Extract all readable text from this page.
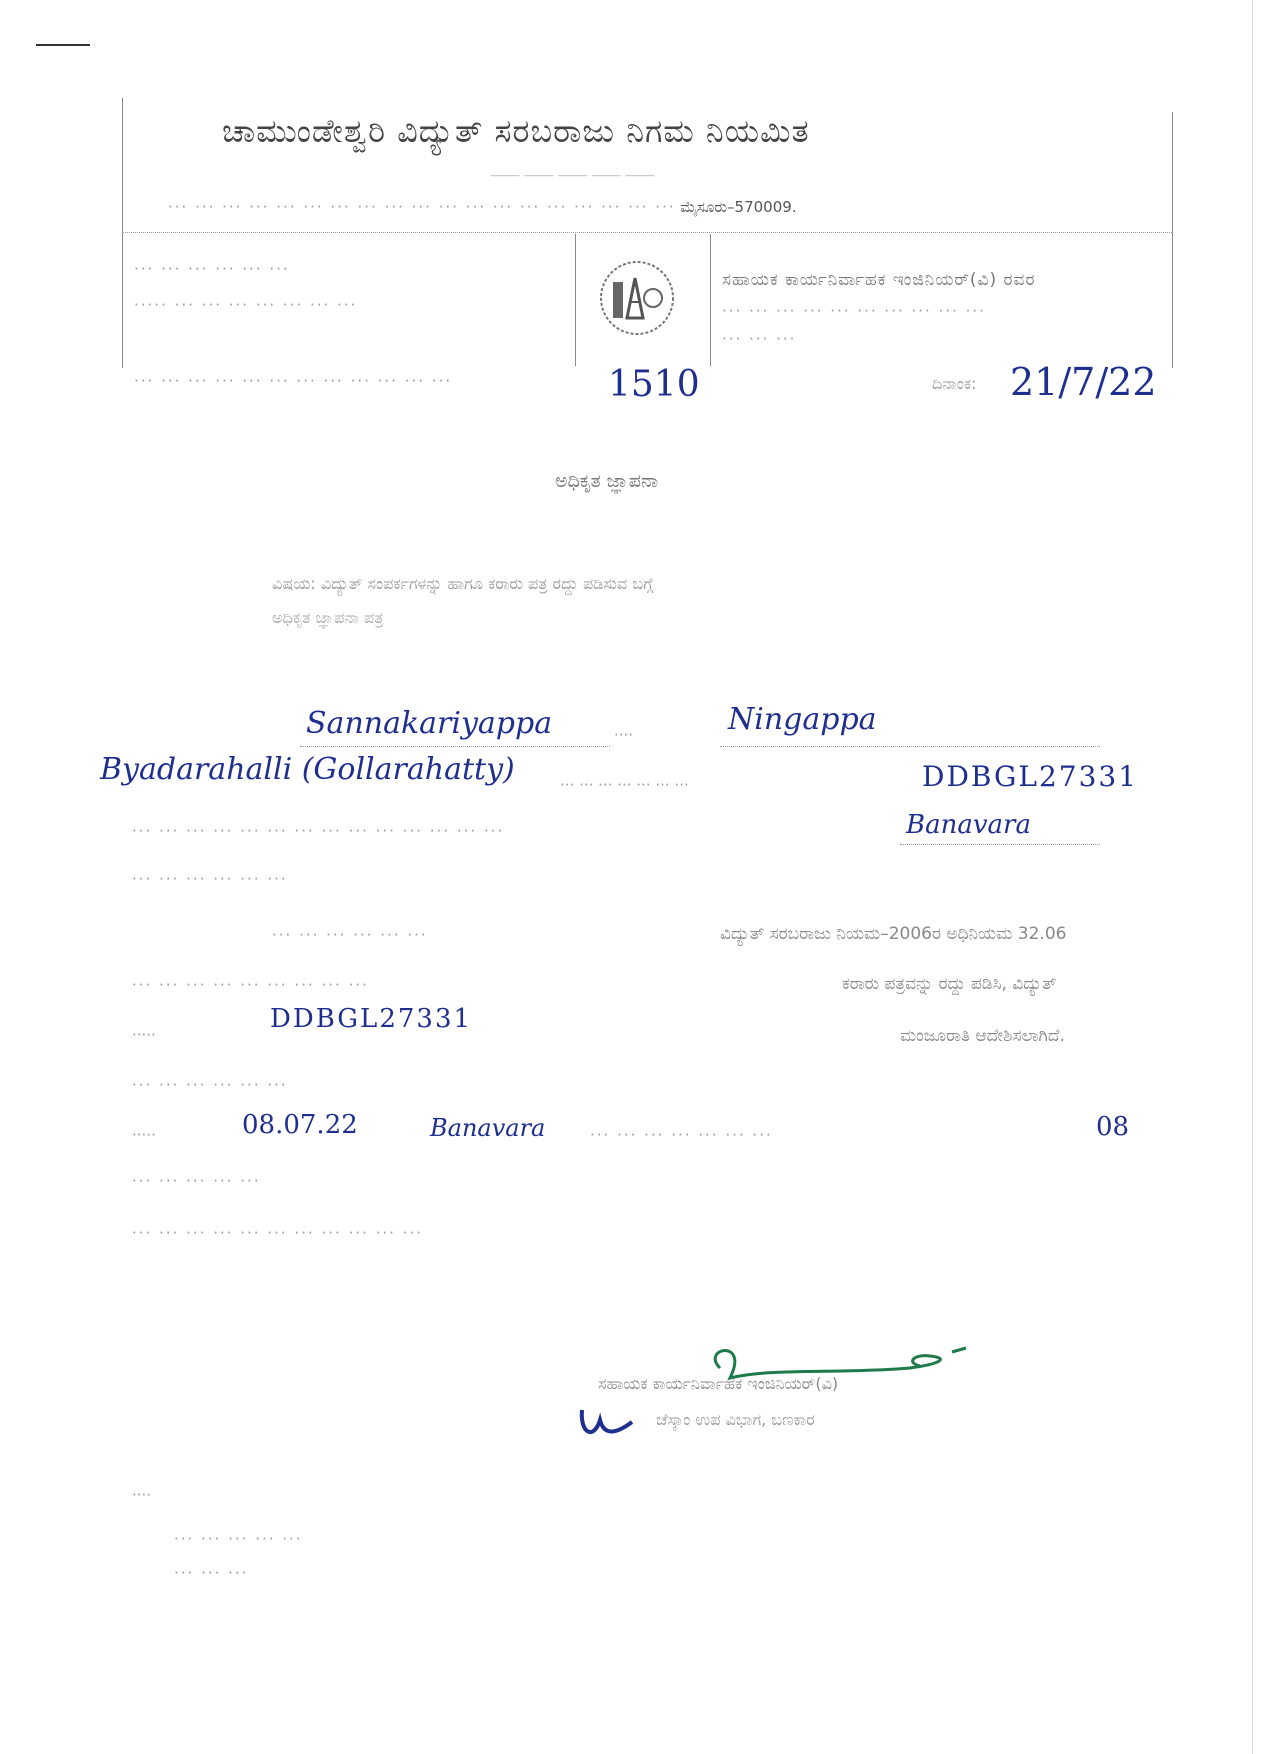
ಚಾಮುಂಡೇಶ್ವರಿ ವಿದ್ಯುತ್ ಸರಬರಾಜು ನಿಗಮ ನಿಯಮಿತ
⸻ ⸻ ⸻ ⸻ ⸻
··· ··· ··· ··· ··· ··· ··· ··· ··· ··· ··· ··· ··· ··· ··· ··· ··· ··· ··· ಮೈಸೂರು–570009.
··· ··· ··· ··· ··· ···
····· ··· ··· ··· ··· ··· ··· ···
ಸಹಾಯಕ ಕಾರ್ಯನಿರ್ವಾಹಕ ಇಂಜಿನಿಯರ್(ವಿ) ರವರ
··· ··· ··· ··· ··· ··· ··· ··· ··· ···
··· ··· ···
··· ··· ··· ··· ··· ··· ··· ··· ··· ··· ··· ···	1510	ದಿನಾಂಕ: 21/7/22
ಅಧಿಕೃತ ಜ್ಞಾಪನಾ
ವಿಷಯ: ವಿದ್ಯುತ್ ಸಂಪರ್ಕಗಳನ್ನು ಹಾಗೂ ಕರಾರು ಪತ್ರ ರದ್ದು ಪಡಿಸುವ ಬಗ್ಗೆ
ಅಧಿಕೃತ ಜ್ಞಾಪನಾ ಪತ್ರ
Sannakariyappa	····	Ningappa
Byadarahalli (Gollarahatty)	··· ··· ··· ··· ··· ··· ···	DDBGL27331
··· ··· ··· ··· ··· ··· ··· ··· ··· ··· ··· ··· ··· ···	Banavara
··· ··· ··· ··· ··· ···
··· ··· ··· ··· ··· ···	ವಿದ್ಯುತ್ ಸರಬರಾಜು ನಿಯಮ–2006ರ ಅಧಿನಿಯಮ 32.06
··· ··· ··· ··· ··· ··· ··· ··· ···	ಕರಾರು ಪತ್ರವನ್ನು ರದ್ದು ಪಡಿಸಿ, ವಿದ್ಯುತ್
·····
DDBGL27331
ಮಂಜೂರಾತಿ ಆದೇಶಿಸಲಾಗಿದೆ.
··· ··· ··· ··· ··· ···
·····	08.07.22	Banavara	··· ··· ··· ··· ··· ··· ···	08
··· ··· ··· ··· ···
··· ··· ··· ··· ··· ··· ··· ··· ··· ··· ···
ಸಹಾಯಕ ಕಾರ್ಯನಿರ್ವಾಹಕ ಇಂಜಿನಿಯರ್(ವಿ)
ಚೆಸ್ಕಾಂ ಉಪ ವಿಭಾಗ, ಬಣಕಾರ
····
··· ··· ··· ··· ···
··· ··· ···
